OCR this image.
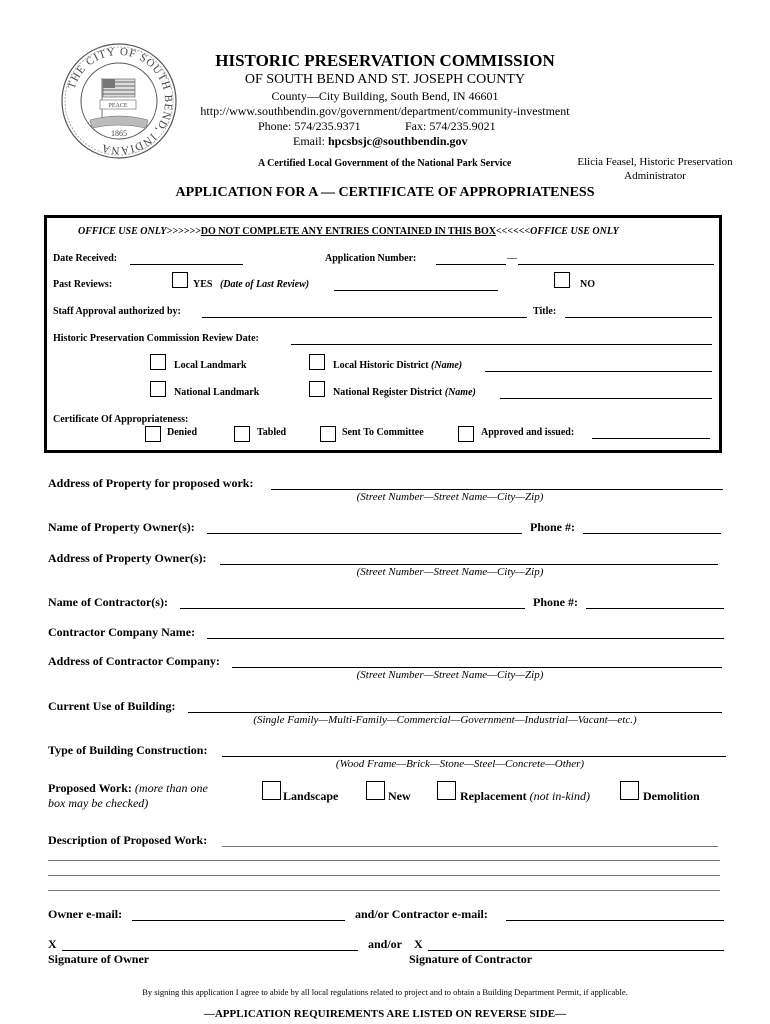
THE CITY OF SOUTH BEND, INDIANA
PEACE
1865
HISTORIC PRESERVATION COMMISSION
OF SOUTH BEND AND ST. JOSEPH COUNTY
County—City Building, South Bend, IN 46601
http://www.southbendin.gov/government/department/community-investment
Phone: 574/235.9371	Fax: 574/235.9021
Email: hpcsbsjc@southbendin.gov
A Certified Local Government of the National Park Service	Elicia Feasel, Historic Preservation
Administrator
APPLICATION FOR A — CERTIFICATE OF APPROPRIATENESS
OFFICE USE ONLY>>>>>>DO NOT COMPLETE ANY ENTRIES CONTAINED IN THIS BOX<<<<<<OFFICE USE ONLY
Date Received:	Application Number:	—
Past Reviews:	YES (Date of Last Review)	NO
Staff Approval authorized by:	Title:
Historic Preservation Commission Review Date:
Local Landmark	Local Historic District (Name)
National Landmark	National Register District (Name)
Certificate Of Appropriateness:
Denied	Tabled	Sent To Committee	Approved and issued:
Address of Property for proposed work:
(Street Number—Street Name—City—Zip)
Name of Property Owner(s):	Phone #:
Address of Property Owner(s):
(Street Number—Street Name—City—Zip)
Name of Contractor(s):	Phone #:
Contractor Company Name:
Address of Contractor Company:
(Street Number—Street Name—City—Zip)
Current Use of Building:
(Single Family—Multi-Family—Commercial—Government—Industrial—Vacant—etc.)
Type of Building Construction:
(Wood Frame—Brick—Stone—Steel—Concrete—Other)
Proposed Work: (more than one
box may be checked)	Landscape	New	Replacement (not in-kind)	Demolition
Description of Proposed Work:
Owner e-mail:	and/or Contractor e-mail:
X	and/or X
Signature of Owner	Signature of Contractor
By signing this application I agree to abide by all local regulations related to project and to obtain a Building Department Permit, if applicable.
—APPLICATION REQUIREMENTS ARE LISTED ON REVERSE SIDE—
